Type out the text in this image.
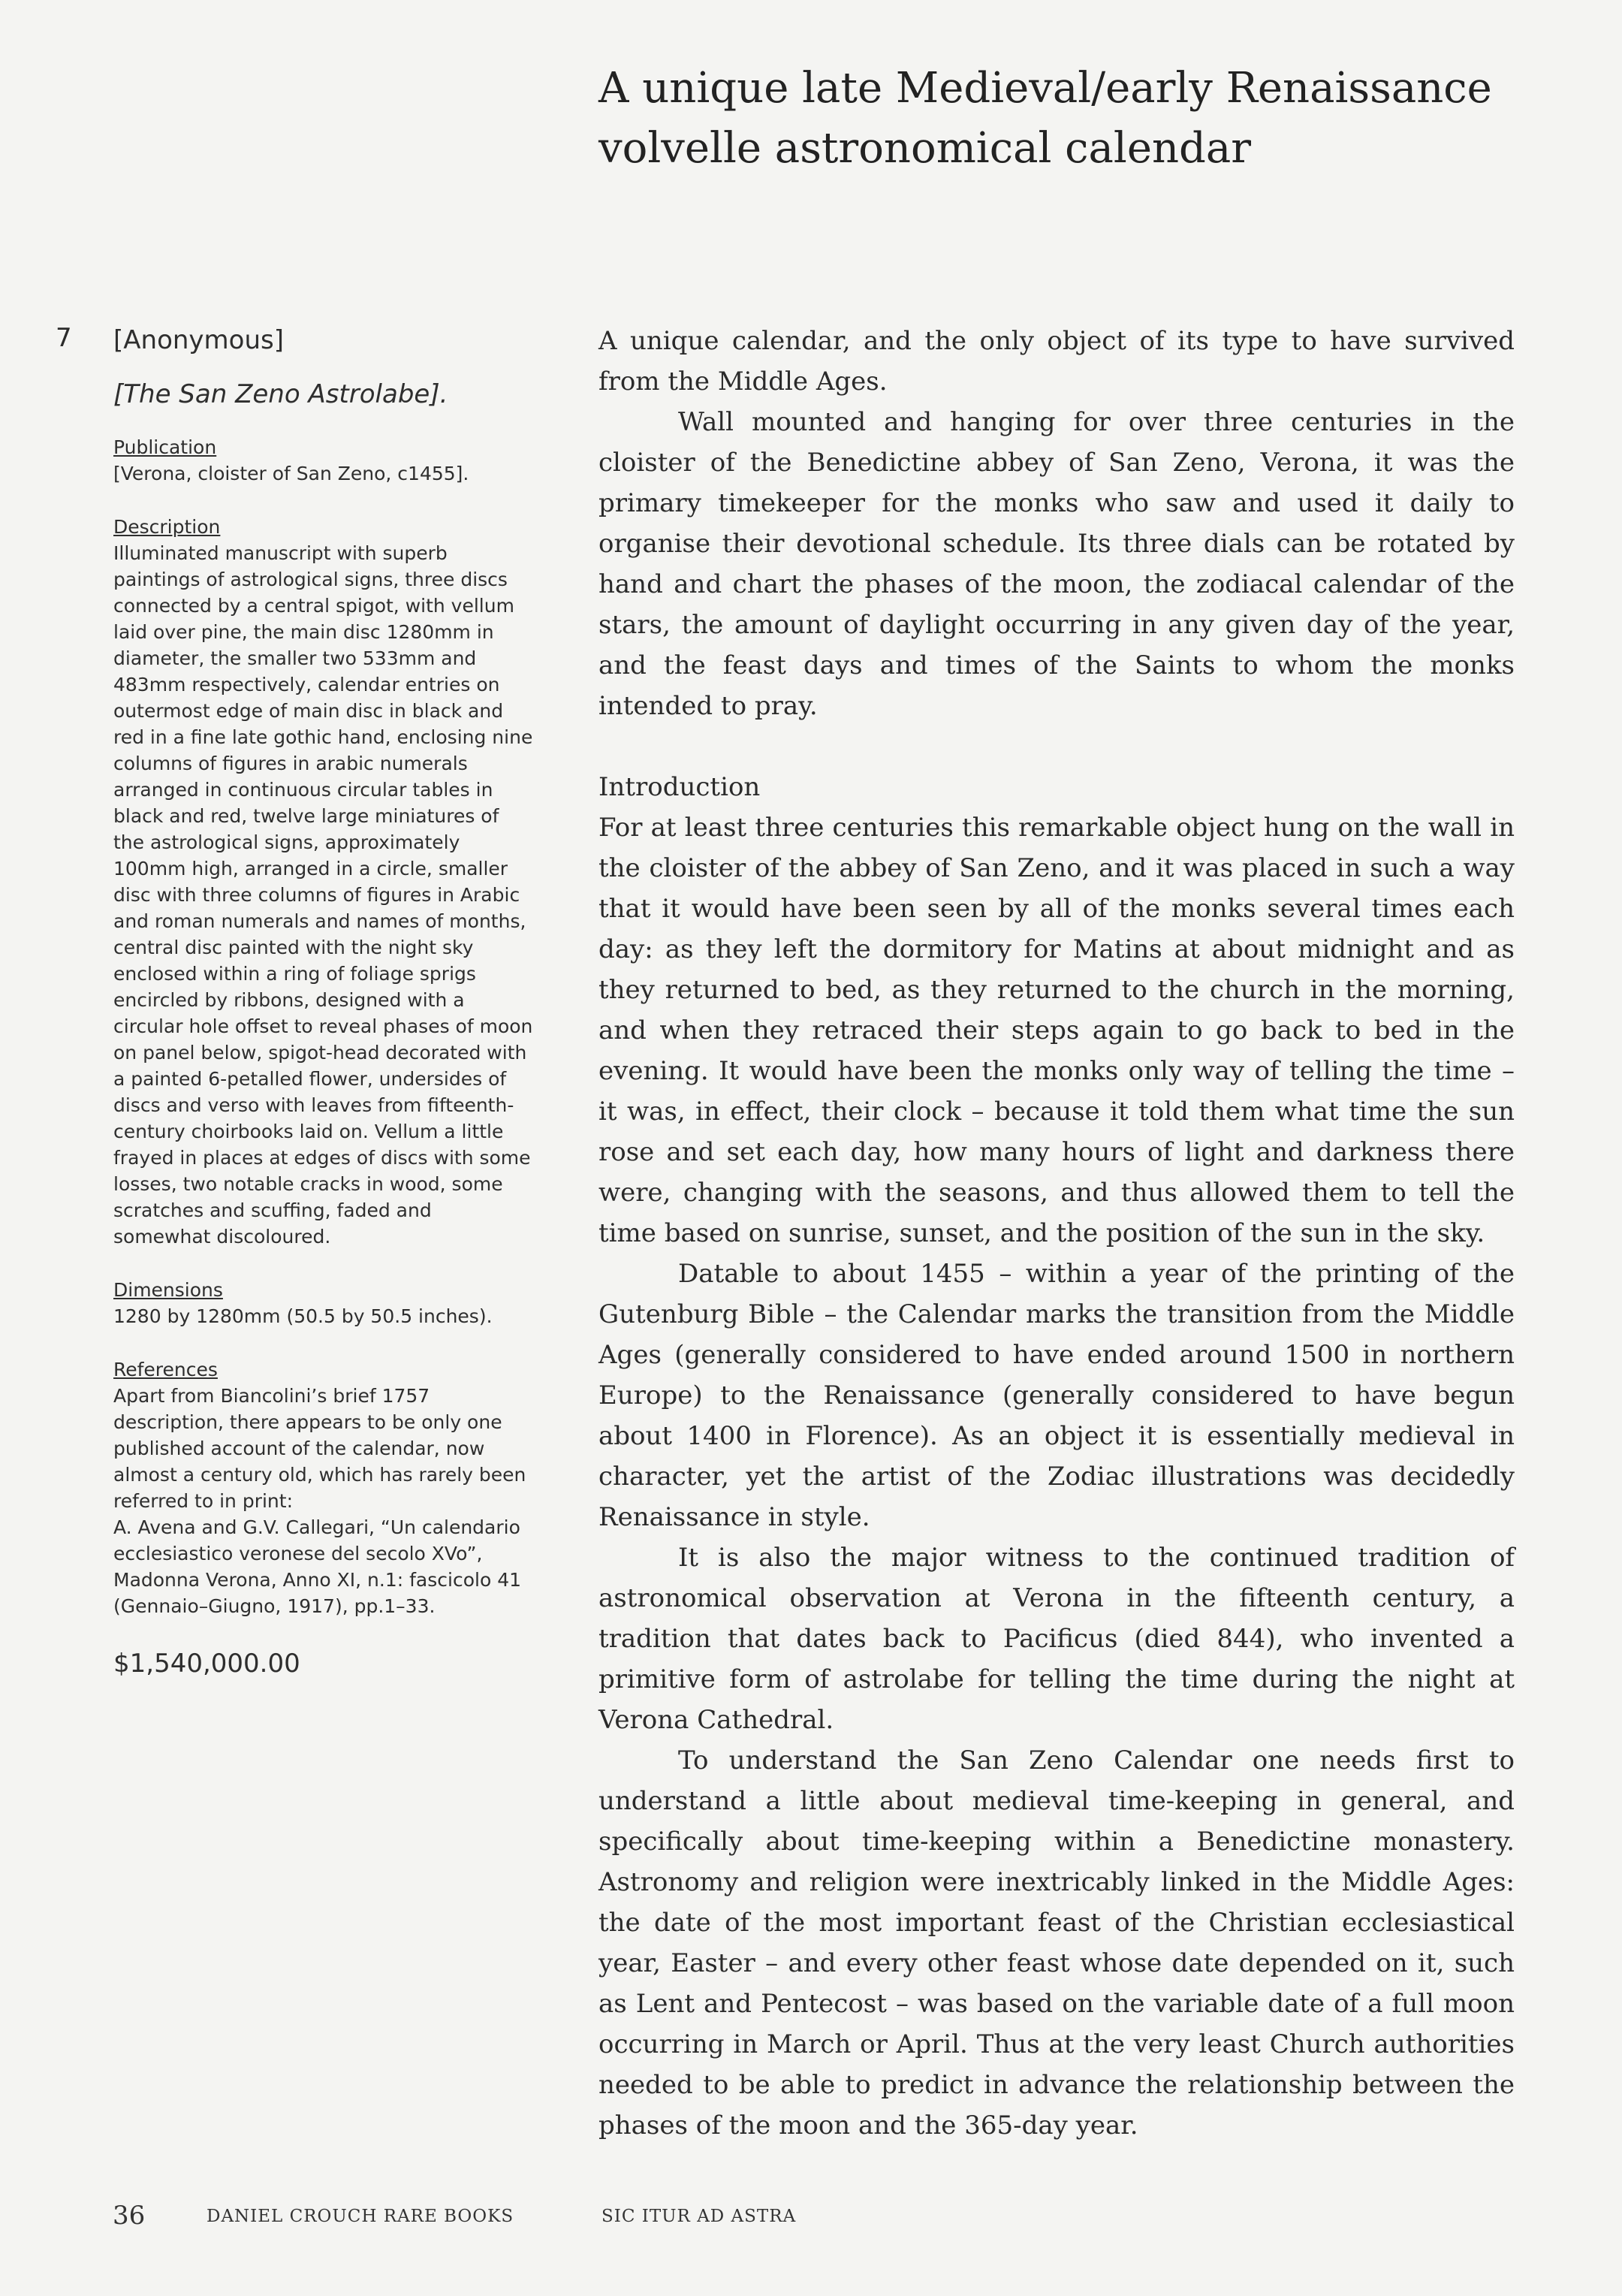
A unique late Medieval/early Renaissance
volvelle astronomical calendar
7 [Anonymous]
[The San Zeno Astrolabe].
Publication
[Verona, cloister of San Zeno, c1455].
Description
Illuminated manuscript with superb paintings of astrological signs, three discs connected by a central spigot, with vellum laid over pine, the main disc 1280mm in diameter, the smaller two 533mm and 483mm respectively, calendar entries on outermost edge of main disc in black and red in a fine late gothic hand, enclosing nine columns of figures in arabic numerals arranged in continuous circular tables in black and red, twelve large miniatures of the astrological signs, approximately 100mm high, arranged in a circle, smaller disc with three columns of figures in Arabic and roman numerals and names of months, central disc painted with the night sky enclosed within a ring of foliage sprigs encircled by ribbons, designed with a circular hole offset to reveal phases of moon on panel below, spigot-head decorated with a painted 6-petalled flower, undersides of discs and verso with leaves from fifteenth-century choirbooks laid on. Vellum a little frayed in places at edges of discs with some losses, two notable cracks in wood, some scratches and scuffing, faded and somewhat discoloured.
Dimensions
1280 by 1280mm (50.5 by 50.5 inches).
References
Apart from Biancolini’s brief 1757 description, there appears to be only one published account of the calendar, now almost a century old, which has rarely been referred to in print:
A. Avena and G.V. Callegari, “Un calendario ecclesiastico veronese del secolo XVo”, Madonna Verona, Anno XI, n.1: fascicolo 41 (Gennaio–Giugno, 1917), pp.1–33.
$1,540,000.00

A unique calendar, and the only object of its type to have survived from the Middle Ages.

Wall mounted and hanging for over three centuries in the cloister of the Benedictine abbey of San Zeno, Verona, it was the primary timekeeper for the monks who saw and used it daily to organise their devotional schedule. Its three dials can be rotated by hand and chart the phases of the moon, the zodiacal calendar of the stars, the amount of daylight occurring in any given day of the year, and the feast days and times of the Saints to whom the monks intended to pray.

Introduction

For at least three centuries this remarkable object hung on the wall in the cloister of the abbey of San Zeno, and it was placed in such a way that it would have been seen by all of the monks several times each day: as they left the dormitory for Matins at about midnight and as they returned to bed, as they returned to the church in the morning, and when they retraced their steps again to go back to bed in the evening. It would have been the monks only way of telling the time – it was, in effect, their clock – because it told them what time the sun rose and set each day, how many hours of light and darkness there were, changing with the seasons, and thus allowed them to tell the time based on sunrise, sunset, and the position of the sun in the sky.

Datable to about 1455 – within a year of the printing of the Gutenburg Bible – the Calendar marks the transition from the Middle Ages (generally considered to have ended around 1500 in northern Europe) to the Renaissance (generally considered to have begun about 1400 in Florence). As an object it is essentially medieval in character, yet the artist of the Zodiac illustrations was decidedly Renaissance in style.

It is also the major witness to the continued tradition of astronomical observation at Verona in the fifteenth century, a tradition that dates back to Pacificus (died 844), who invented a primitive form of astrolabe for telling the time during the night at Verona Cathedral.

To understand the San Zeno Calendar one needs first to understand a little about medieval time-keeping in general, and specifically about time-keeping within a Benedictine monastery. Astronomy and religion were inextricably linked in the Middle Ages: the date of the most important feast of the Christian ecclesiastical year, Easter – and every other feast whose date depended on it, such as Lent and Pentecost – was based on the variable date of a full moon occurring in March or April. Thus at the very least Church authorities needed to be able to predict in advance the relationship between the phases of the moon and the 365-day year.

36	DANIEL CROUCH RARE BOOKS	SIC ITUR AD ASTRA
